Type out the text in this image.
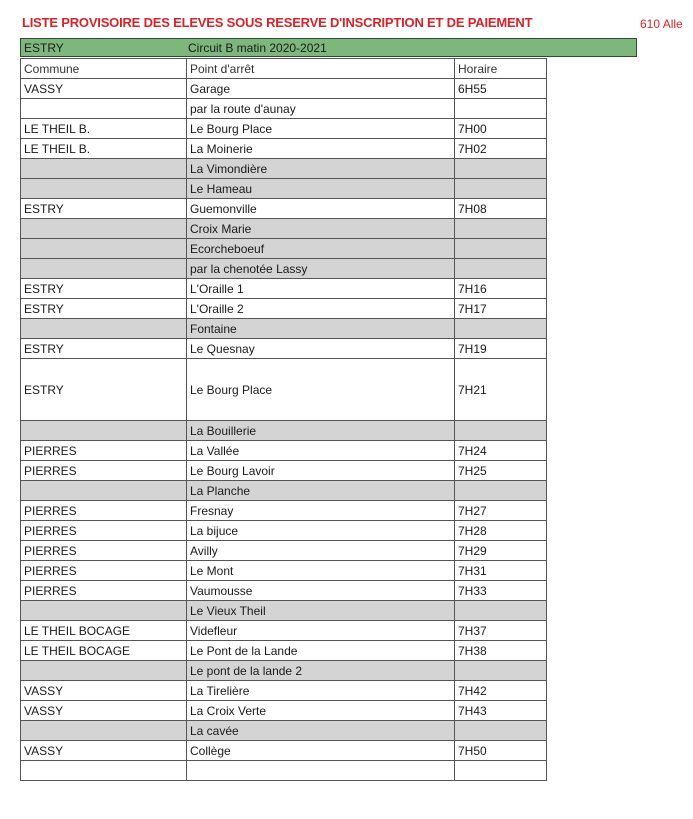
LISTE PROVISOIRE DES ELEVES SOUS RESERVE D'INSCRIPTION ET DE PAIEMENT	610 Alle
ESTRY	Circuit B matin 2020-2021
Commune	Point d'arrêt	Horaire
VASSY	Garage	6H55
	par la route d'aunay	
LE THEIL B.	Le Bourg Place	7H00
LE THEIL B.	La Moinerie	7H02
	La Vimondière	
	Le Hameau	
ESTRY	Guemonville	7H08
	Croix Marie	
	Ecorcheboeuf	
	par la chenotée Lassy	
ESTRY	L'Oraille 1	7H16
ESTRY	L'Oraille 2	7H17
	Fontaine	
ESTRY	Le Quesnay	7H19
ESTRY	Le Bourg Place	7H21
	La Bouillerie	
PIERRES	La Vallée	7H24
PIERRES	Le Bourg Lavoir	7H25
	La Planche	
PIERRES	Fresnay	7H27
PIERRES	La bijuce	7H28
PIERRES	Avilly	7H29
PIERRES	Le Mont	7H31
PIERRES	Vaumousse	7H33
	Le Vieux Theil	
LE THEIL BOCAGE	Videfleur	7H37
LE THEIL BOCAGE	Le Pont de la Lande	7H38
	Le pont de la lande 2	
VASSY	La Tirelière	7H42
VASSY	La Croix Verte	7H43
	La cavée	
VASSY	Collège	7H50
